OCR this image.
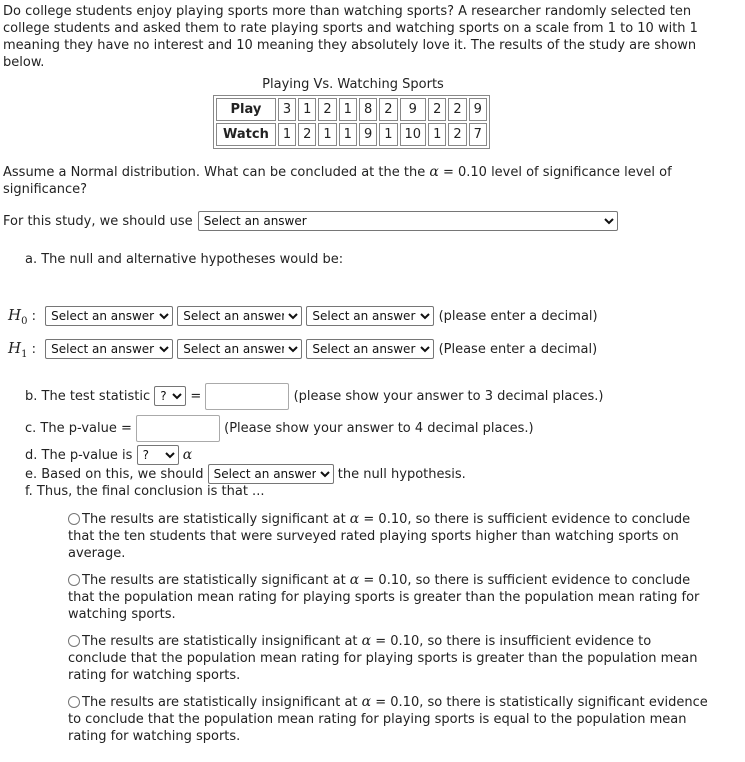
Do college students enjoy playing sports more than watching sports? A researcher randomly selected ten college students and asked them to rate playing sports and watching sports on a scale from 1 to 10 with 1 meaning they have no interest and 10 meaning they absolutely love it. The results of the study are shown below.
Playing Vs. Watching Sports
Play	3	1	2	1	8	2	9	2	2	9
Watch	1	2	1	1	9	1	10	1	2	7
Assume a Normal distribution. What can be concluded at the the α = 0.10 level of significance level of significance?
For this study, we should use
Select an answer
a. The null and alternative hypotheses would be:
$H_0$ :
Select an answer
Select an answer
Select an answer	(please enter a decimal)
$H_1$ :
Select an answer
Select an answer
Select an answer	(Please enter a decimal)
b. The test statistic
?	=	(please show your answer to 3 decimal places.)
c. The p-value =	(Please show your answer to 4 decimal places.)
d. The p-value is
?	α
e. Based on this, we should
Select an answer	the null hypothesis.
f. Thus, the final conclusion is that ...
The results are statistically significant at α = 0.10, so there is sufficient evidence to conclude that the ten students that were surveyed rated playing sports higher than watching sports on average.
The results are statistically significant at α = 0.10, so there is sufficient evidence to conclude that the population mean rating for playing sports is greater than the population mean rating for watching sports.
The results are statistically insignificant at α = 0.10, so there is insufficient evidence to conclude that the population mean rating for playing sports is greater than the population mean rating for watching sports.
The results are statistically insignificant at α = 0.10, so there is statistically significant evidence to conclude that the population mean rating for playing sports is equal to the population mean rating for watching sports.
